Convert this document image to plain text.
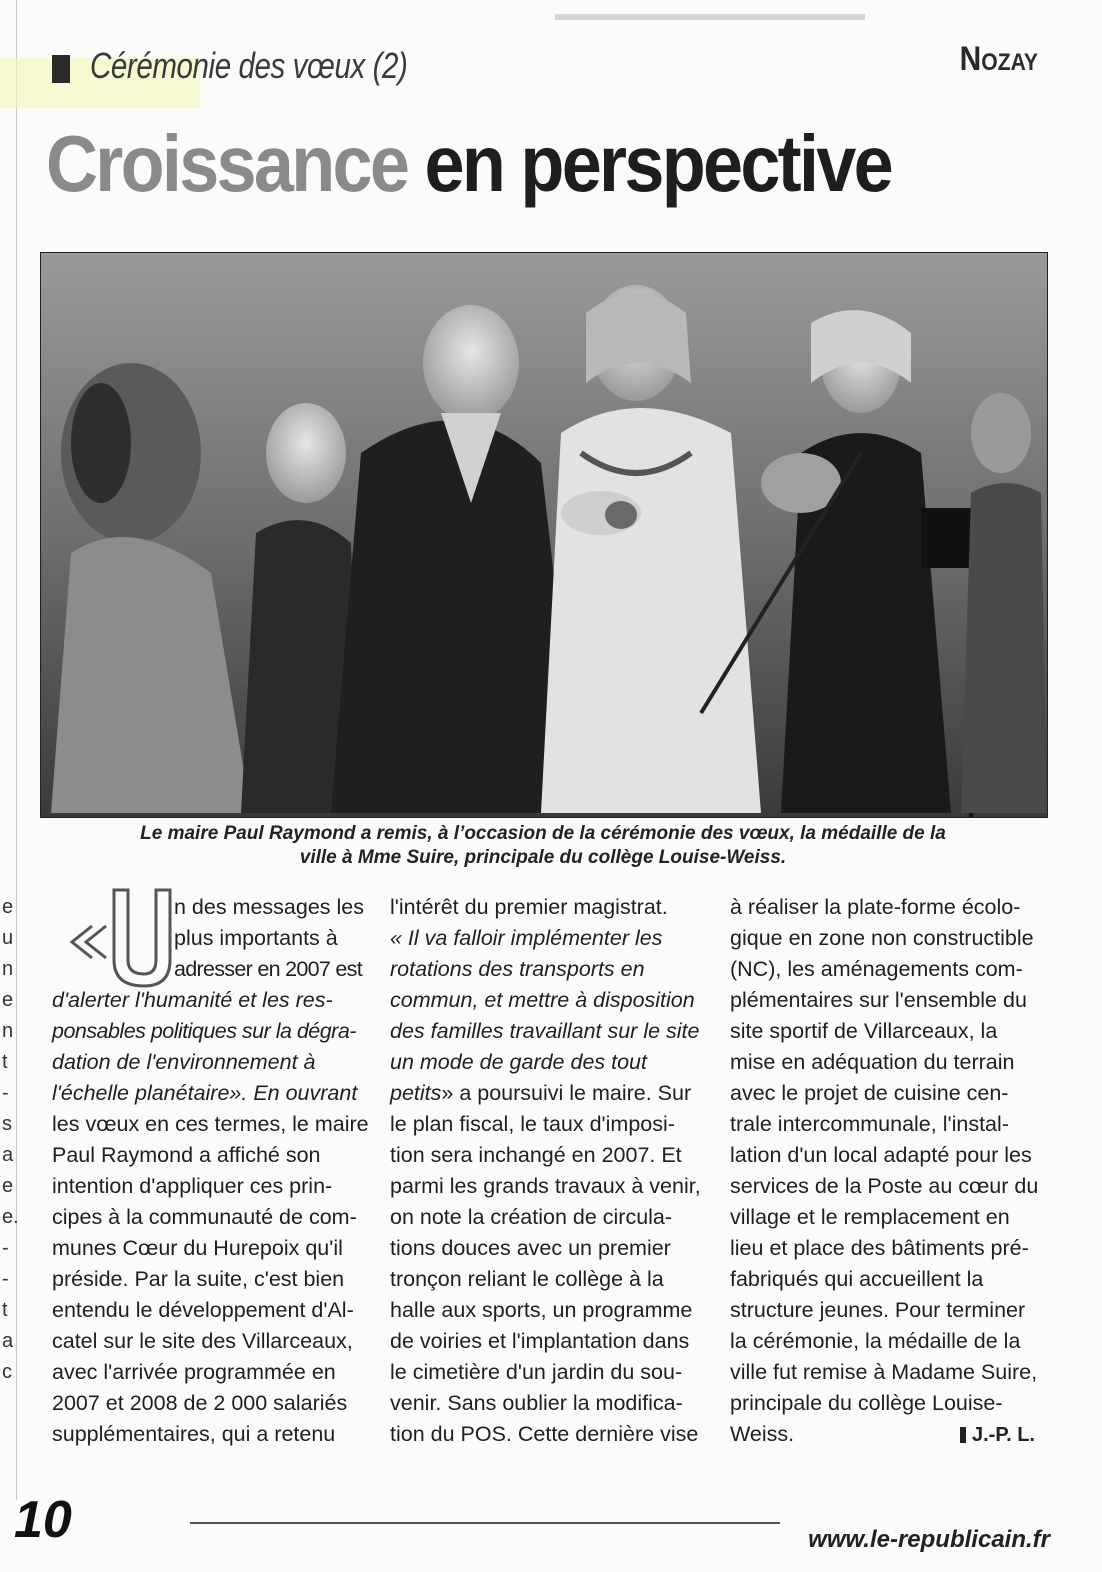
e
u
n
e
n
t
-
s
a
e
e.
-
-
t
a
c
Cérémonie des vœux (2)	Nozay
Croissance en perspective
Le maire Paul Raymond a remis, à l’occasion de la cérémonie des vœux, la médaille de la
ville à Mme Suire, principale du collège Louise-Weiss.
n des messages les
plus importants à
adresser en 2007 est
d'alerter l'humanité et les res-
ponsables politiques sur la dégra-
dation de l'environnement à
l'échelle planétaire». En ouvrant
les vœux en ces termes, le maire
Paul Raymond a affiché son
intention d'appliquer ces prin-
cipes à la communauté de com-
munes Cœur du Hurepoix qu'il
préside. Par la suite, c'est bien
entendu le développement d'Al-
catel sur le site des Villarceaux,
avec l'arrivée programmée en
2007 et 2008 de 2 000 salariés
supplémentaires, qui a retenu
l'intérêt du premier magistrat.
« Il va falloir implémenter les
rotations des transports en
commun, et mettre à disposition
des familles travaillant sur le site
un mode de garde des tout
petits» a poursuivi le maire. Sur
le plan fiscal, le taux d'imposi-
tion sera inchangé en 2007. Et
parmi les grands travaux à venir,
on note la création de circula-
tions douces avec un premier
tronçon reliant le collège à la
halle aux sports, un programme
de voiries et l'implantation dans
le cimetière d'un jardin du sou-
venir. Sans oublier la modifica-
tion du POS. Cette dernière vise
à réaliser la plate-forme écolo-
gique en zone non constructible
(NC), les aménagements com-
plémentaires sur l'ensemble du
site sportif de Villarceaux, la
mise en adéquation du terrain
avec le projet de cuisine cen-
trale intercommunale, l'instal-
lation d'un local adapté pour les
services de la Poste au cœur du
village et le remplacement en
lieu et place des bâtiments pré-
fabriqués qui accueillent la
structure jeunes. Pour terminer
la cérémonie, la médaille de la
ville fut remise à Madame Suire,
principale du collège Louise-
Weiss.	J.-P. L.
10	www.le-republicain.fr
